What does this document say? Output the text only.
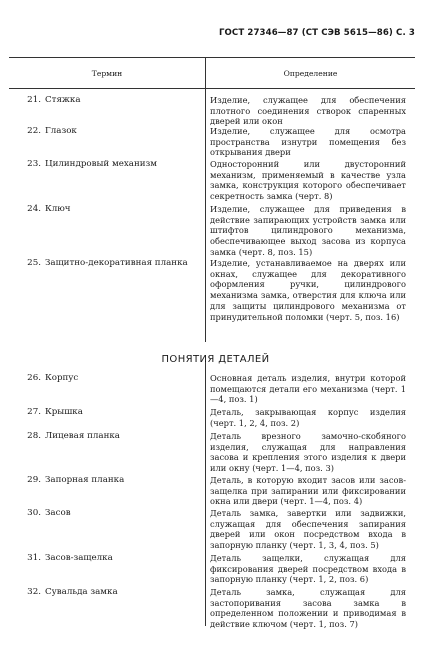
ГОСТ 27346—87 (СТ СЭВ 5615—86) С. 3
Термин	Определение
21. Стяжка	Изделие, служащее для обеспечения плотного соединения створок спаренных дверей или окон
22. Глазок	Изделие, служащее для осмотра пространства изнутри помещения без открывания двери
23. Цилиндровый механизм	Односторонний или двусторонний механизм, применяемый в качестве узла замка, конструкция которого обеспечивает секретность замка (черт. 8)
24. Ключ	Изделие, служащее для приведения в действие запирающих устройств замка или штифтов цилиндрового механизма, обеспечивающее выход засова из корпуса замка (черт. 8, поз. 15)
25. Защитно-декоративная планка	Изделие, устанавливаемое на дверях или окнах, служащее для декоративного оформления ручки, цилиндрового механизма замка, отверстия для ключа или для защиты цилиндрового механизма от принудительной поломки (черт. 5, поз. 16)
ПОНЯТИЯ ДЕТАЛЕЙ
26. Корпус	Основная деталь изделия, внутри которой помещаются детали его механизма (черт. 1—4, поз. 1)
27. Крышка	Деталь, закрывающая корпус изделия (черт. 1, 2, 4, поз. 2)
28. Лицевая планка	Деталь врезного замочно-скобяного изделия, служащая для направления засова и крепления этого изделия к двери или окну (черт. 1—4, поз. 3)
29. Запорная планка	Деталь, в которую входит засов или засов-защелка при запирании или фиксировании окна или двери (черт. 1—4, поз. 4)
30. Засов	Деталь замка, завертки или задвижки, служащая для обеспечения запирания дверей или окон посредством входа в запорную планку (черт. 1, 3, 4, поз. 5)
31. Засов-защелка	Деталь защелки, служащая для фиксирования дверей посредством входа в запорную планку (черт. 1, 2, поз. 6)
32. Сувальда замка	Деталь замка, служащая для застопоривания засова замка в определенном положении и приводимая в действие ключом (черт. 1, поз. 7)
